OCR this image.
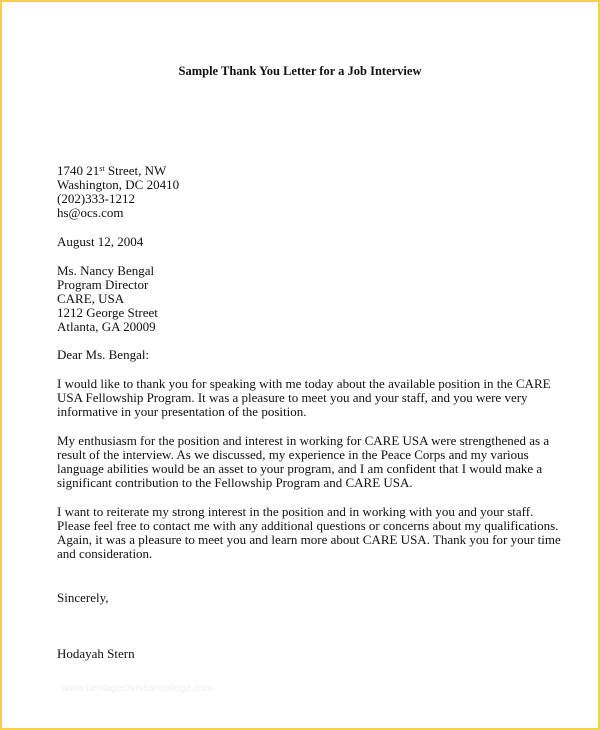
Sample Thank You Letter for a Job Interview
1740 21st Street, NW
Washington, DC 20410
(202)333-1212
hs@ocs.com
August 12, 2004
Ms. Nancy Bengal
Program Director
CARE, USA
1212 George Street
Atlanta, GA 20009
Dear Ms. Bengal:
I would like to thank you for speaking with me today about the available position in the CARE
USA Fellowship Program. It was a pleasure to meet you and your staff, and you were very
informative in your presentation of the position.
My enthusiasm for the position and interest in working for CARE USA were strengthened as a
result of the interview. As we discussed, my experience in the Peace Corps and my various
language abilities would be an asset to your program, and I am confident that I would make a
significant contribution to the Fellowship Program and CARE USA.
I want to reiterate my strong interest in the position and in working with you and your staff.
Please feel free to contact me with any additional questions or concerns about my qualifications.
Again, it was a pleasure to meet you and learn more about CARE USA. Thank you for your time
and consideration.
Sincerely,
Hodayah Stern
www.heritagechristiancollege.com
